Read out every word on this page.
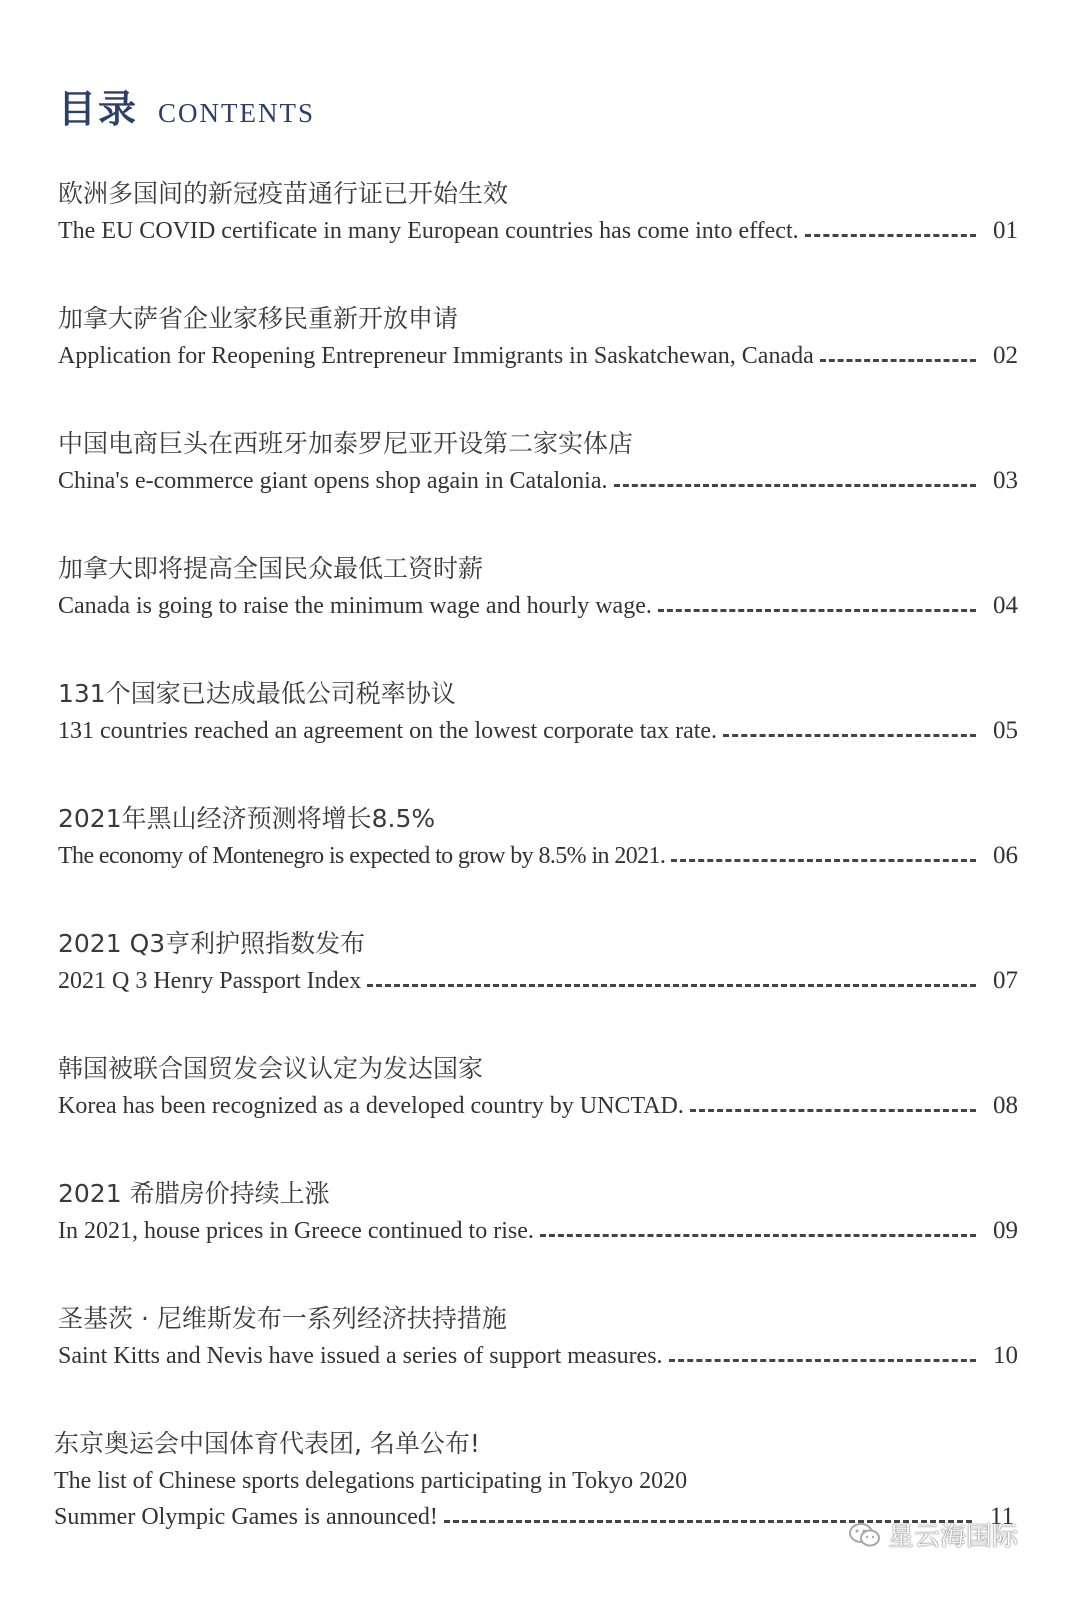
目录 CONTENTS
欧洲多国间的新冠疫苗通行证已开始生效
The EU COVID certificate in many European countries has come into effect.	01
加拿大萨省企业家移民重新开放申请
Application for Reopening Entrepreneur Immigrants in Saskatchewan, Canada	02
中国电商巨头在西班牙加泰罗尼亚开设第二家实体店
China's e-commerce giant opens shop again in Catalonia.	03
加拿大即将提高全国民众最低工资时薪
Canada is going to raise the minimum wage and hourly wage.	04
131个国家已达成最低公司税率协议
131 countries reached an agreement on the lowest corporate tax rate.	05
2021年黑山经济预测将增长8.5%
The economy of Montenegro is expected to grow by 8.5% in 2021.	06
2021 Q3亨利护照指数发布
2021 Q 3 Henry Passport Index	07
韩国被联合国贸发会议认定为发达国家
Korea has been recognized as a developed country by UNCTAD.	08
2021 希腊房价持续上涨
In 2021, house prices in Greece continued to rise.	09
圣基茨 · 尼维斯发布一系列经济扶持措施
Saint Kitts and Nevis have issued a series of support measures.	10
东京奥运会中国体育代表团, 名单公布!
The list of Chinese sports delegations participating in Tokyo 2020
Summer Olympic Games is announced!	11
星云海国际
